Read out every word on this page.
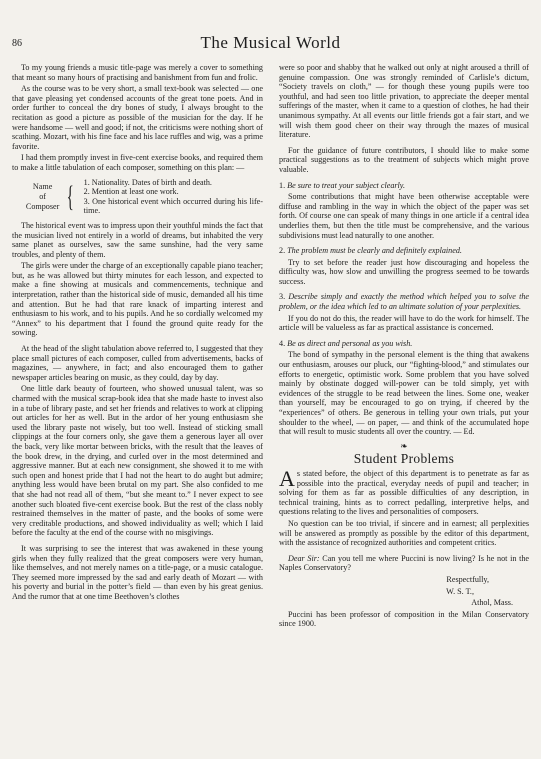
86	The Musical World

To my young friends a music title-page was merely a cover to something that meant so many hours of practising and banishment from fun and frolic.

As the course was to be very short, a small text-book was selected — one that gave pleasing yet condensed accounts of the great tone poets. And in order further to conceal the dry bones of study, I always brought to the recitation as good a picture as possible of the musician for the day. If he were handsome — well and good; if not, the criticisms were nothing short of scathing. Mozart, with his fine face and his lace ruffles and wig, was a prime favorite.

I had them promptly invest in five-cent exercise books, and required them to make a little tabulation of each composer, something on this plan: —

Name
of
Composer { 1. Nationality. Dates of birth and death.
2. Mention at least one work.
3. One historical event which occurred during his life-time.

The historical event was to impress upon their youthful minds the fact that the musician lived not entirely in a world of dreams, but inhabited the very same planet as ourselves, saw the same sunshine, had the very same troubles, and plenty of them.

The girls were under the charge of an exceptionally capable piano teacher; but, as he was allowed but thirty minutes for each lesson, and expected to make a fine showing at musicals and commencements, technique and interpretation, rather than the historical side of music, demanded all his time and attention. But he had that rare knack of imparting interest and enthusiasm to his work, and to his pupils. And he so cordially welcomed my “Annex” to his department that I found the ground quite ready for the sowing.

At the head of the slight tabulation above referred to, I suggested that they place small pictures of each composer, culled from advertisements, backs of magazines, — anywhere, in fact; and also encouraged them to gather newspaper articles bearing on music, as they could, day by day.

One little dark beauty of fourteen, who showed unusual talent, was so charmed with the musical scrap-book idea that she made haste to invest also in a tube of library paste, and set her friends and relatives to work at clipping out articles for her as well. But in the ardor of her young enthusiasm she used the library paste not wisely, but too well. Instead of sticking small clippings at the four corners only, she gave them a generous layer all over the back, very like mortar between bricks, with the result that the leaves of the book drew, in the drying, and curled over in the most determined and aggressive manner. But at each new consignment, she showed it to me with such open and honest pride that I had not the heart to do aught but admire; anything less would have been brutal on my part. She also confided to me that she had not read all of them, “but she meant to.” I never expect to see another such bloated five-cent exercise book. But the rest of the class nobly restrained themselves in the matter of paste, and the books of some were very creditable productions, and showed individuality as well; which I laid before the faculty at the end of the course with no misgivings.

It was surprising to see the interest that was awakened in these young girls when they fully realized that the great composers were very human, like themselves, and not merely names on a title-page, or a music catalogue. They seemed more impressed by the sad and early death of Mozart — with his poverty and burial in the potter’s field — than even by his great genius. And the rumor that at one time Beethoven’s clothes

were so poor and shabby that he walked out only at night aroused a thrill of genuine compassion. One was strongly reminded of Carlisle’s dictum, “Society travels on cloth,” — for though these young pupils were too youthful, and had seen too little privation, to appreciate the deeper mental sufferings of the master, when it came to a question of clothes, he had their unanimous sympathy. At all events our little friends got a fair start, and we will wish them good cheer on their way through the mazes of musical literature.

For the guidance of future contributors, I should like to make some practical suggestions as to the treatment of subjects which might prove valuable.

1. Be sure to treat your subject clearly.

Some contributions that might have been otherwise acceptable were diffuse and rambling in the way in which the object of the paper was set forth. Of course one can speak of many things in one article if a central idea underlies them, but then the title must be comprehensive, and the various subdivisions must lead naturally to one another.

2. The problem must be clearly and definitely explained.

Try to set before the reader just how discouraging and hopeless the difficulty was, how slow and unwilling the progress seemed to be towards success.

3. Describe simply and exactly the method which helped you to solve the problem, or the idea which led to an ultimate solution of your perplexities.

If you do not do this, the reader will have to do the work for himself. The article will be valueless as far as practical assistance is concerned.

4. Be as direct and personal as you wish.

The bond of sympathy in the personal element is the thing that awakens our enthusiasm, arouses our pluck, our “fighting-blood,” and stimulates our efforts to energetic, optimistic work. Some problem that you have solved mainly by obstinate dogged will-power can be told simply, yet with evidences of the struggle to be read between the lines. Some one, weaker than yourself, may be encouraged to go on trying, if cheered by the “experiences” of others. Be generous in telling your own trials, put your shoulder to the wheel, — on paper, — and think of the accumulated hope that will result to music students all over the country. — Ed.

❧
Student Problems

As stated before, the object of this department is to penetrate as far as possible into the practical, everyday needs of pupil and teacher; in solving for them as far as possible difficulties of any description, in technical training, hints as to correct pedalling, interpretive helps, and questions relating to the lives and personalities of composers.

No question can be too trivial, if sincere and in earnest; all perplexities will be answered as promptly as possible by the editor of this department, with the assistance of recognized authorities and competent critics.

Dear Sir: Can you tell me where Puccini is now living? Is he not in the Naples Conservatory?

Respectfully,

W. S. T.,

Athol, Mass.

Puccini has been professor of composition in the Milan Conservatory since 1900.
